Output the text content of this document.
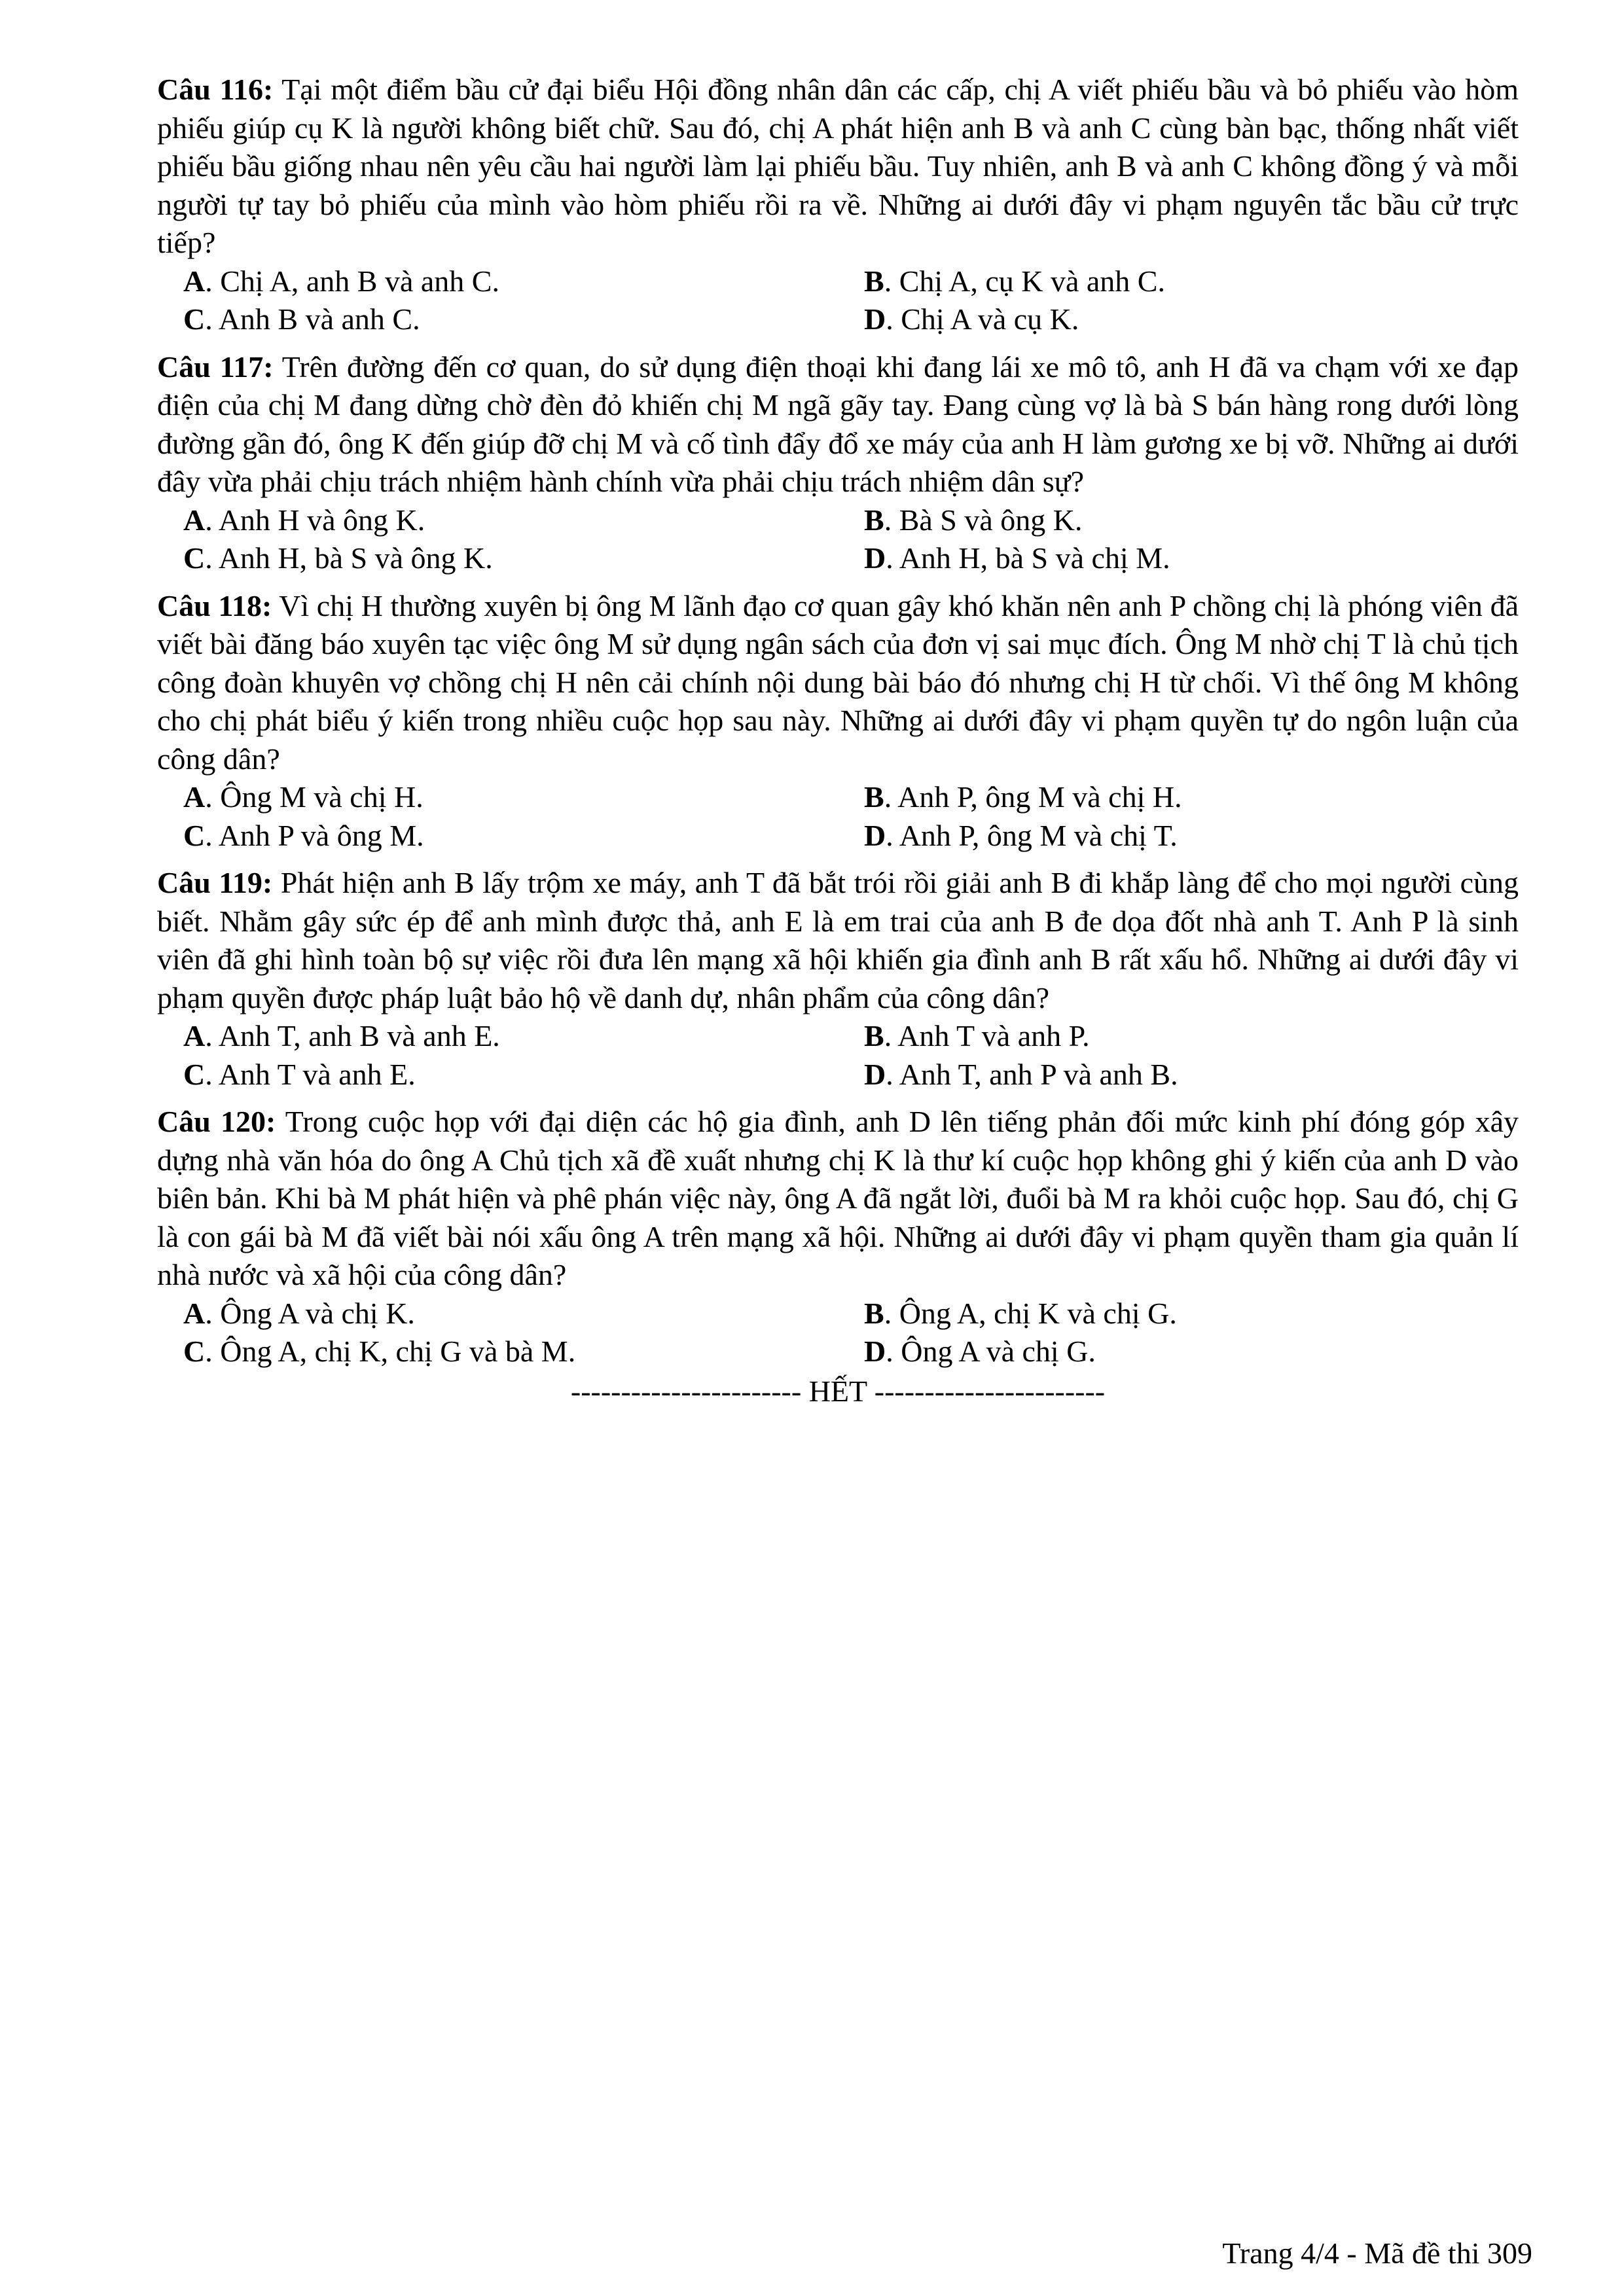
Câu 116: Tại một điểm bầu cử đại biểu Hội đồng nhân dân các cấp, chị A viết phiếu bầu và bỏ phiếu vào hòm phiếu giúp cụ K là người không biết chữ. Sau đó, chị A phát hiện anh B và anh C cùng bàn bạc, thống nhất viết phiếu bầu giống nhau nên yêu cầu hai người làm lại phiếu bầu. Tuy nhiên, anh B và anh C không đồng ý và mỗi người tự tay bỏ phiếu của mình vào hòm phiếu rồi ra về. Những ai dưới đây vi phạm nguyên tắc bầu cử trực tiếp?

A. Chị A, anh B và anh C.	B. Chị A, cụ K và anh C.
C. Anh B và anh C.	D. Chị A và cụ K.

Câu 117: Trên đường đến cơ quan, do sử dụng điện thoại khi đang lái xe mô tô, anh H đã va chạm với xe đạp điện của chị M đang dừng chờ đèn đỏ khiến chị M ngã gãy tay. Đang cùng vợ là bà S bán hàng rong dưới lòng đường gần đó, ông K đến giúp đỡ chị M và cố tình đẩy đổ xe máy của anh H làm gương xe bị vỡ. Những ai dưới đây vừa phải chịu trách nhiệm hành chính vừa phải chịu trách nhiệm dân sự?

A. Anh H và ông K.	B. Bà S và ông K.
C. Anh H, bà S và ông K.	D. Anh H, bà S và chị M.

Câu 118: Vì chị H thường xuyên bị ông M lãnh đạo cơ quan gây khó khăn nên anh P chồng chị là phóng viên đã viết bài đăng báo xuyên tạc việc ông M sử dụng ngân sách của đơn vị sai mục đích. Ông M nhờ chị T là chủ tịch công đoàn khuyên vợ chồng chị H nên cải chính nội dung bài báo đó nhưng chị H từ chối. Vì thế ông M không cho chị phát biểu ý kiến trong nhiều cuộc họp sau này. Những ai dưới đây vi phạm quyền tự do ngôn luận của công dân?

A. Ông M và chị H.	B. Anh P, ông M và chị H.
C. Anh P và ông M.	D. Anh P, ông M và chị T.

Câu 119: Phát hiện anh B lấy trộm xe máy, anh T đã bắt trói rồi giải anh B đi khắp làng để cho mọi người cùng biết. Nhằm gây sức ép để anh mình được thả, anh E là em trai của anh B đe dọa đốt nhà anh T. Anh P là sinh viên đã ghi hình toàn bộ sự việc rồi đưa lên mạng xã hội khiến gia đình anh B rất xấu hổ. Những ai dưới đây vi phạm quyền được pháp luật bảo hộ về danh dự, nhân phẩm của công dân?

A. Anh T, anh B và anh E.	B. Anh T và anh P.
C. Anh T và anh E.	D. Anh T, anh P và anh B.

Câu 120: Trong cuộc họp với đại diện các hộ gia đình, anh D lên tiếng phản đối mức kinh phí đóng góp xây dựng nhà văn hóa do ông A Chủ tịch xã đề xuất nhưng chị K là thư kí cuộc họp không ghi ý kiến của anh D vào biên bản. Khi bà M phát hiện và phê phán việc này, ông A đã ngắt lời, đuổi bà M ra khỏi cuộc họp. Sau đó, chị G là con gái bà M đã viết bài nói xấu ông A trên mạng xã hội. Những ai dưới đây vi phạm quyền tham gia quản lí nhà nước và xã hội của công dân?

A. Ông A và chị K.	B. Ông A, chị K và chị G.
C. Ông A, chị K, chị G và bà M.	D. Ông A và chị G.
----------------------- HẾT -----------------------
Trang 4/4 - Mã đề thi 309
